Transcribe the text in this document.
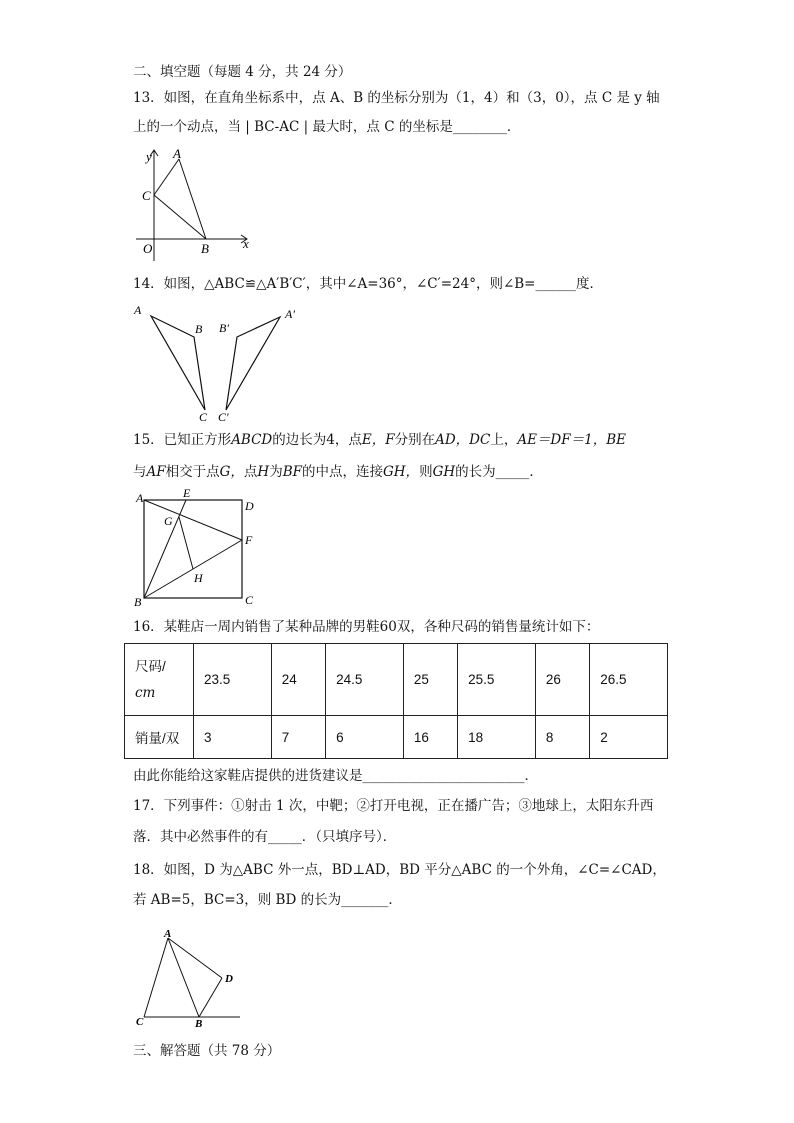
二、填空题（每题 4 分，共 24 分）
13．如图，在直角坐标系中，点 A、B 的坐标分别为（1，4）和（3，0），点 C 是 y 轴
上的一个动点，当 | BC-AC | 最大时，点 C 的坐标是________．
y A
C
O	B	x
14．如图，△ABC≌△A′B′C′，其中∠A=36°，∠C′=24°，则∠B=______度．
A
B
C
B′
A′
C′
15．已知正方形ABCD的边长为4，点E，F分别在AD，DC上，AE＝DF＝1，BE
与AF相交于点G，点H为BF的中点，连接GH，则GH的长为_____．
A	E
D
G
F
H
B	C
16．某鞋店一周内销售了某种品牌的男鞋60双，各种尺码的销售量统计如下：
尺码/
cm	23.5	24	24.5	25	25.5	26	26.5
销量/双	3	7	6	16	18	8	2
由此你能给这家鞋店提供的进货建议是________________________．
17．下列事件：①射击 1 次，中靶；②打开电视，正在播广告；③地球上，太阳东升西
落．其中必然事件的有_____．（只填序号）．
18．如图，D 为△ABC 外一点，BD⊥AD，BD 平分△ABC 的一个外角，∠C=∠CAD，
若 AB=5，BC=3，则 BD 的长为_______．
A
D
C	B
三、解答题（共 78 分）
